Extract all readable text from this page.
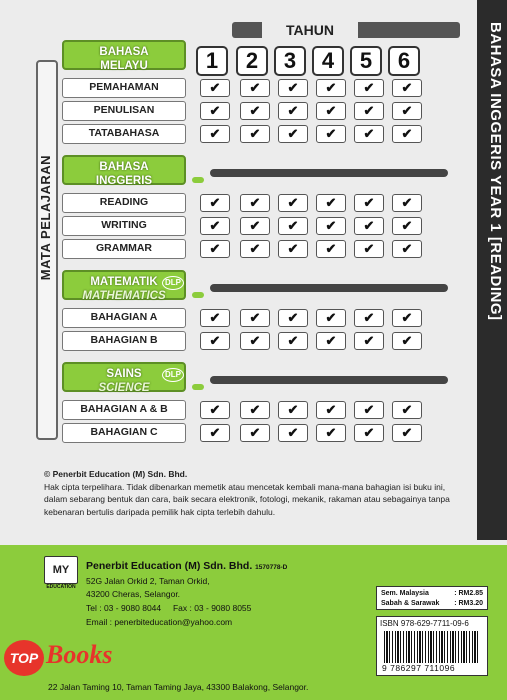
BAHASA INGGERIS YEAR 1 [READING]
MATA PELAJARAN
TAHUN
1	2	3	4	5	6
BAHASA
MELAYU
PEMAHAMAN	✔	✔	✔	✔	✔	✔
PENULISAN	✔	✔	✔	✔	✔	✔
TATABAHASA	✔	✔	✔	✔	✔	✔
BAHASA
INGGERIS
READING	✔	✔	✔	✔	✔	✔
WRITING	✔	✔	✔	✔	✔	✔
GRAMMAR	✔	✔	✔	✔	✔	✔
MATEMATIK
MATHEMATICS
DLP
BAHAGIAN A	✔	✔	✔	✔	✔	✔
BAHAGIAN B	✔	✔	✔	✔	✔	✔
SAINS
SCIENCE
DLP
BAHAGIAN A & B	✔	✔	✔	✔	✔	✔
BAHAGIAN C	✔	✔	✔	✔	✔	✔
© Penerbit Education (M) Sdn. Bhd.
Hak cipta terpelihara. Tidak dibenarkan memetik atau mencetak kembali mana-mana bahagian isi buku ini, dalam sebarang bentuk dan cara, baik secara elektronik, fotologi, mekanik, rakaman atau sebagainya tanpa kebenaran bertulis daripada pemilik hak cipta terlebih dahulu.
MY
EDUCATION
Penerbit Education (M) Sdn. Bhd. 1570778-D
52G Jalan Orkid 2, Taman Orkid,
43200 Cheras, Selangor.
Tel : 03 - 9080 8044     Fax : 03 - 9080 8055
Email : penerbiteducation@yahoo.com
Sem. Malaysia	: RM2.85
Sabah & Sarawak : RM3.20
ISBN 978-629-7711-09-6
9 786297 711096
TOP Books
22 Jalan Taming 10, Taman Taming Jaya, 43300 Balakong, Selangor.
